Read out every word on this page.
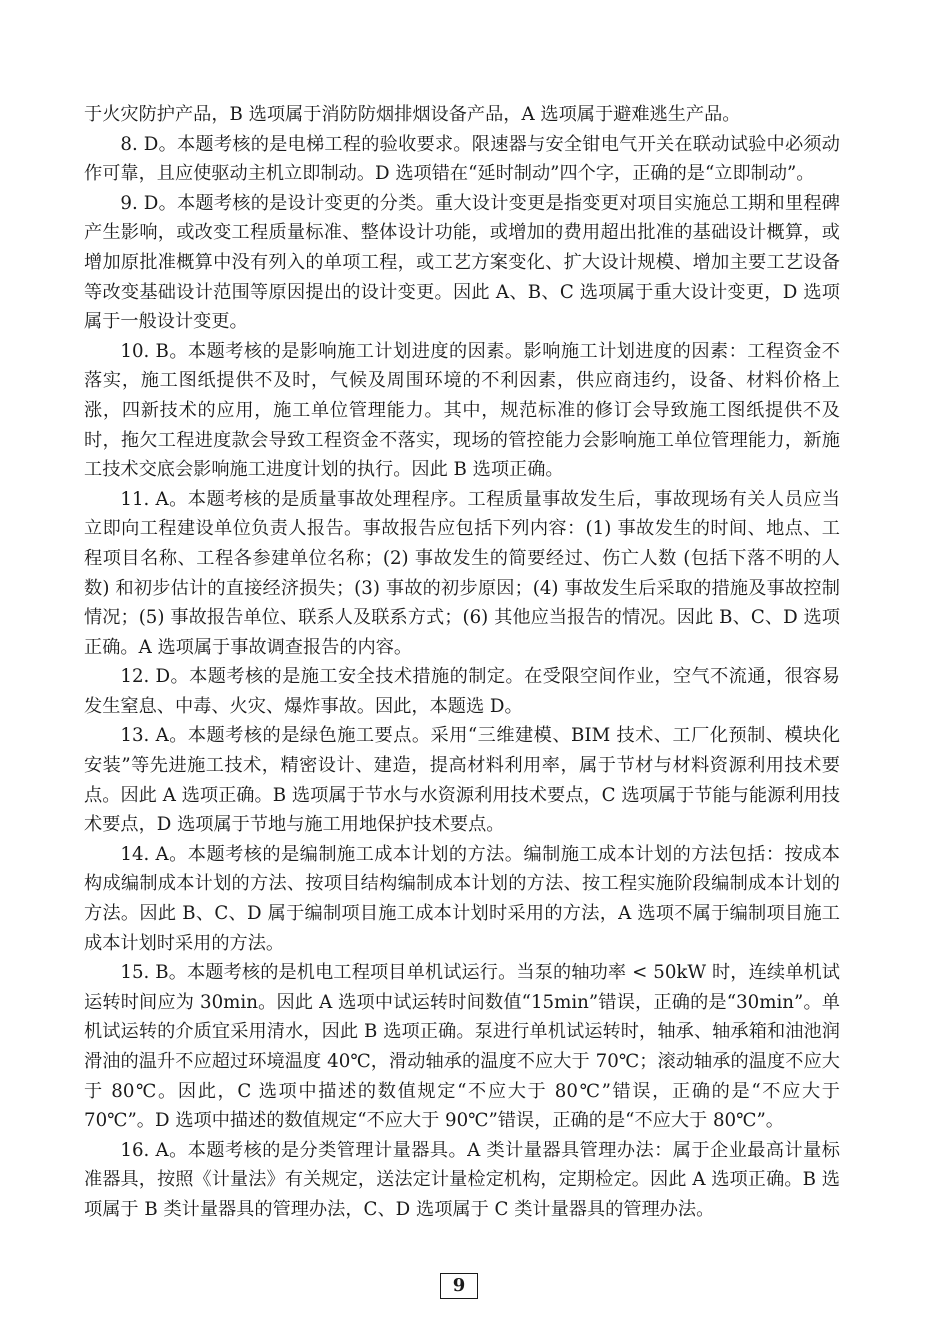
于火灾防护产品，B 选项属于消防防烟排烟设备产品，A 选项属于避难逃生产品。

8. D。本题考核的是电梯工程的验收要求。限速器与安全钳电气开关在联动试验中必须动作可靠，且应使驱动主机立即制动。D 选项错在“延时制动”四个字，正确的是“立即制动”。

9. D。本题考核的是设计变更的分类。重大设计变更是指变更对项目实施总工期和里程碑产生影响，或改变工程质量标准、整体设计功能，或增加的费用超出批准的基础设计概算，或增加原批准概算中没有列入的单项工程，或工艺方案变化、扩大设计规模、增加主要工艺设备等改变基础设计范围等原因提出的设计变更。因此 A、B、C 选项属于重大设计变更，D 选项属于一般设计变更。

10. B。本题考核的是影响施工计划进度的因素。影响施工计划进度的因素：工程资金不落实，施工图纸提供不及时，气候及周围环境的不利因素，供应商违约，设备、材料价格上涨，四新技术的应用，施工单位管理能力。其中，规范标准的修订会导致施工图纸提供不及时，拖欠工程进度款会导致工程资金不落实，现场的管控能力会影响施工单位管理能力，新施工技术交底会影响施工进度计划的执行。因此 B 选项正确。

11. A。本题考核的是质量事故处理程序。工程质量事故发生后，事故现场有关人员应当立即向工程建设单位负责人报告。事故报告应包括下列内容：(1) 事故发生的时间、地点、工程项目名称、工程各参建单位名称；(2) 事故发生的简要经过、伤亡人数 (包括下落不明的人数) 和初步估计的直接经济损失；(3) 事故的初步原因；(4) 事故发生后采取的措施及事故控制情况；(5) 事故报告单位、联系人及联系方式；(6) 其他应当报告的情况。因此 B、C、D 选项正确。A 选项属于事故调查报告的内容。

12. D。本题考核的是施工安全技术措施的制定。在受限空间作业，空气不流通，很容易发生窒息、中毒、火灾、爆炸事故。因此，本题选 D。

13. A。本题考核的是绿色施工要点。采用“三维建模、BIM 技术、工厂化预制、模块化安装”等先进施工技术，精密设计、建造，提高材料利用率，属于节材与材料资源利用技术要点。因此 A 选项正确。B 选项属于节水与水资源利用技术要点，C 选项属于节能与能源利用技术要点，D 选项属于节地与施工用地保护技术要点。

14. A。本题考核的是编制施工成本计划的方法。编制施工成本计划的方法包括：按成本构成编制成本计划的方法、按项目结构编制成本计划的方法、按工程实施阶段编制成本计划的方法。因此 B、C、D 属于编制项目施工成本计划时采用的方法，A 选项不属于编制项目施工成本计划时采用的方法。

15. B。本题考核的是机电工程项目单机试运行。当泵的轴功率 < 50kW 时，连续单机试运转时间应为 30min。因此 A 选项中试运转时间数值“15min”错误，正确的是“30min”。单机试运转的介质宜采用清水，因此 B 选项正确。泵进行单机试运转时，轴承、轴承箱和油池润滑油的温升不应超过环境温度 40℃，滑动轴承的温度不应大于 70℃；滚动轴承的温度不应大于 80℃。因此，C 选项中描述的数值规定“不应大于 80℃”错误，正确的是“不应大于 70℃”。D 选项中描述的数值规定“不应大于 90℃”错误，正确的是“不应大于 80℃”。

16. A。本题考核的是分类管理计量器具。A 类计量器具管理办法：属于企业最高计量标准器具，按照《计量法》有关规定，送法定计量检定机构，定期检定。因此 A 选项正确。B 选项属于 B 类计量器具的管理办法，C、D 选项属于 C 类计量器具的管理办法。

9
